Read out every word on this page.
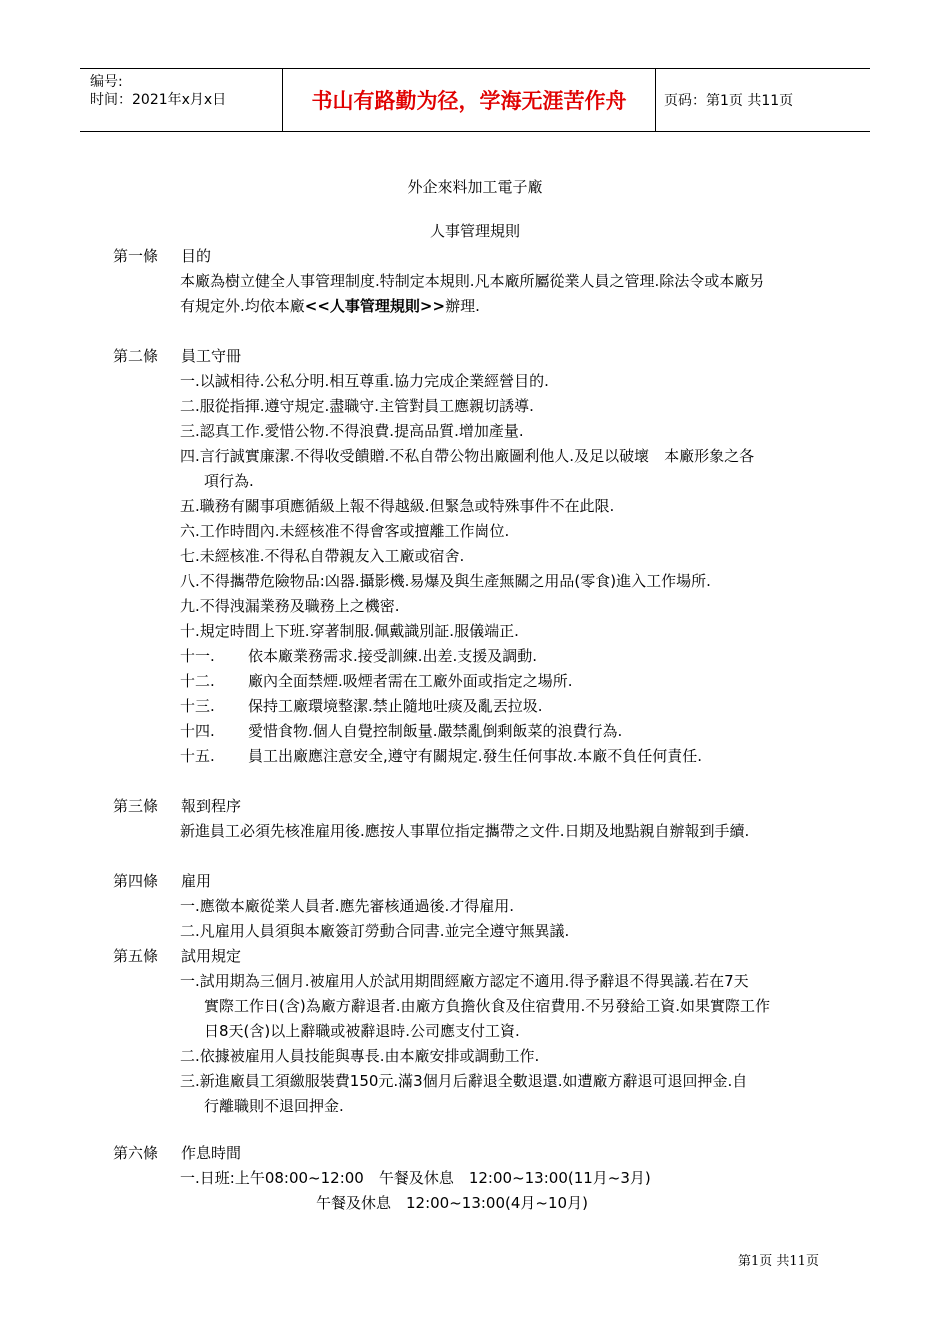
编号:
时间：2021年x月x日	书山有路勤为径，学海无涯苦作舟	页码：第1页 共11页
外企來料加工電子廠
人事管理規則
第一條 目的
本廠為樹立健全人事管理制度.特制定本規則.凡本廠所屬從業人員之管理.除法令或本廠另
有規定外.均依本廠<<人事管理規則>>辦理.
第二條 員工守冊
一.以誠相待.公私分明.相互尊重.協力完成企業經營目的.
二.服從指揮.遵守規定.盡職守.主管對員工應親切誘導.
三.認真工作.愛惜公物.不得浪費.提高品質.增加產量.
四.言行誠實廉潔.不得收受饋贈.不私自帶公物出廠圖利他人.及足以破壞　本廠形象之各
項行為.
五.職務有關事項應循級上報不得越級.但緊急或特殊事件不在此限.
六.工作時間內.未經核准不得會客或擅離工作崗位.
七.未經核准.不得私自帶親友入工廠或宿舍.
八.不得攜帶危險物品:凶器.攝影機.易爆及與生產無關之用品(零食)進入工作場所.
九.不得洩漏業務及職務上之機密.
十.規定時間上下班.穿著制服.佩戴識別証.服儀端正.
十一. 依本廠業務需求.接受訓練.出差.支援及調動.
十二. 廠內全面禁煙.吸煙者需在工廠外面或指定之場所.
十三. 保持工廠環境整潔.禁止隨地吐痰及亂丟拉圾.
十四. 愛惜食物.個人自覺控制飯量.嚴禁亂倒剩飯菜的浪費行為.
十五. 員工出廠應注意安全,遵守有關規定.發生任何事故.本廠不負任何責任.
第三條 報到程序
新進員工必須先核准雇用後.應按人事單位指定攜帶之文件.日期及地點親自辦報到手續.
第四條 雇用
一.應徵本廠從業人員者.應先審核通過後.才得雇用.
二.凡雇用人員須與本廠簽訂勞動合同書.並完全遵守無異議.
第五條 試用規定
一.試用期為三個月.被雇用人於試用期間經廠方認定不適用.得予辭退不得異議.若在7天
實際工作日(含)為廠方辭退者.由廠方負擔伙食及住宿費用.不另發給工資.如果實際工作
日8天(含)以上辭職或被辭退時.公司應支付工資.
二.依據被雇用人員技能與專長.由本廠安排或調動工作.
三.新進廠員工須繳服裝費150元.滿3個月后辭退全數退還.如遭廠方辭退可退回押金.自
行離職則不退回押金.
第六條 作息時間
一.日班:上午08:00~12:00　午餐及休息　12:00~13:00(11月~3月)
午餐及休息　12:00~13:00(4月~10月)
第1页 共11页
